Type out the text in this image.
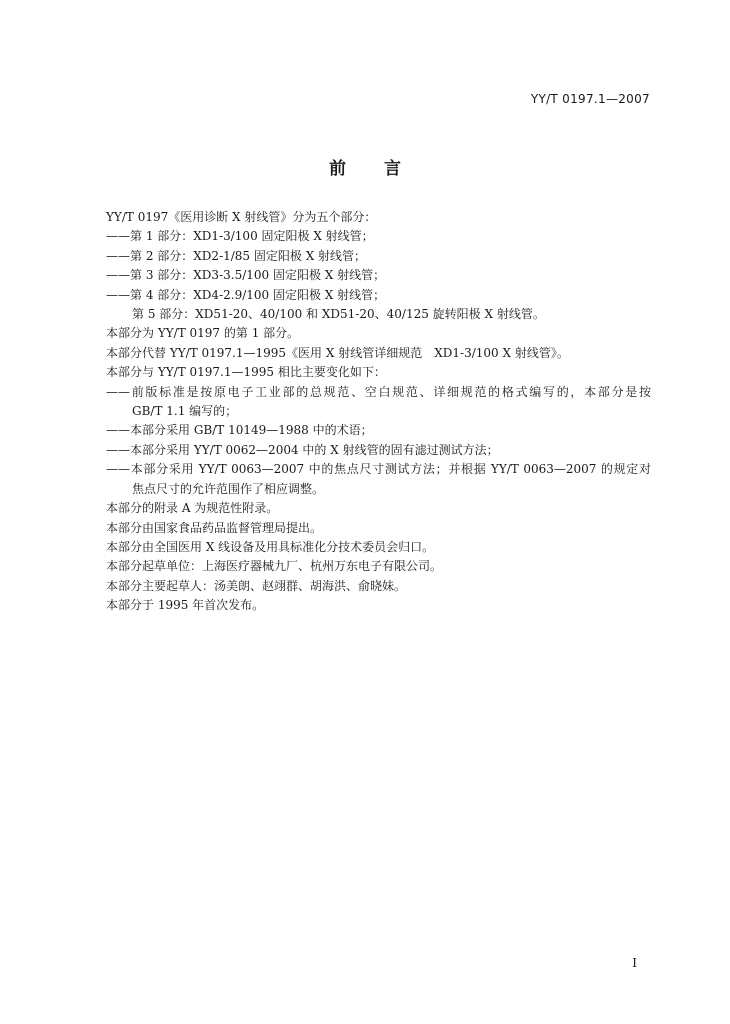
YY/T 0197.1—2007
前言
YY/T 0197《医用诊断 X 射线管》分为五个部分：
——第 1 部分：XD1-3/100 固定阳极 X 射线管；
——第 2 部分：XD2-1/85 固定阳极 X 射线管；
——第 3 部分：XD3-3.5/100 固定阳极 X 射线管；
——第 4 部分：XD4-2.9/100 固定阳极 X 射线管；
第 5 部分：XD51-20、40/100 和 XD51-20、40/125 旋转阳极 X 射线管。
本部分为 YY/T 0197 的第 1 部分。
本部分代替 YY/T 0197.1—1995《医用 X 射线管详细规范　XD1-3/100 X 射线管》。
本部分与 YY/T 0197.1—1995 相比主要变化如下：
——前版标准是按原电子工业部的总规范、空白规范、详细规范的格式编写的，本部分是按
GB/T 1.1 编写的；
——本部分采用 GB/T 10149—1988 中的术语；
——本部分采用 YY/T 0062—2004 中的 X 射线管的固有滤过测试方法；
——本部分采用 YY/T 0063—2007 中的焦点尺寸测试方法；并根据 YY/T 0063—2007 的规定对
焦点尺寸的允许范围作了相应调整。
本部分的附录 A 为规范性附录。
本部分由国家食品药品监督管理局提出。
本部分由全国医用 X 线设备及用具标准化分技术委员会归口。
本部分起草单位：上海医疗器械九厂、杭州万东电子有限公司。
本部分主要起草人：汤美朗、赵翊群、胡海洪、俞晓妹。
本部分于 1995 年首次发布。
I
